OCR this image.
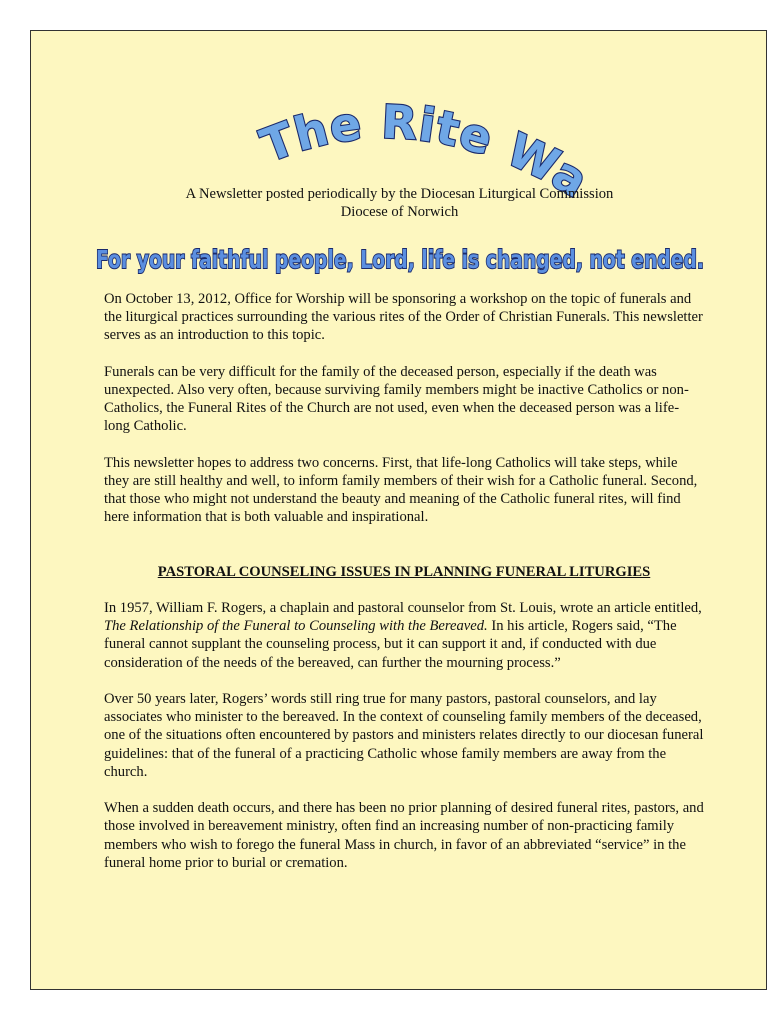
The Rite Way
A Newsletter posted periodically by the Diocesan Liturgical Commission
Diocese of Norwich
For your faithful people, Lord, life is changed, not ended.

On October 13, 2012, Office for Worship will be sponsoring a workshop on the topic of funerals and the liturgical practices surrounding the various rites of the Order of Christian Funerals. This newsletter serves as an introduction to this topic.

Funerals can be very difficult for the family of the deceased person, especially if the death was unexpected. Also very often, because surviving family members might be inactive Catholics or non-Catholics, the Funeral Rites of the Church are not used, even when the deceased person was a life-long Catholic.

This newsletter hopes to address two concerns. First, that life-long Catholics will take steps, while they are still healthy and well, to inform family members of their wish for a Catholic funeral. Second, that those who might not understand the beauty and meaning of the Catholic funeral rites, will find here information that is both valuable and inspirational.

PASTORAL COUNSELING ISSUES IN PLANNING FUNERAL LITURGIES

In 1957, William F. Rogers, a chaplain and pastoral counselor from St. Louis, wrote an article entitled, The Relationship of the Funeral to Counseling with the Bereaved. In his article, Rogers said, “The funeral cannot supplant the counseling process, but it can support it and, if conducted with due consideration of the needs of the bereaved, can further the mourning process.”

Over 50 years later, Rogers’ words still ring true for many pastors, pastoral counselors, and lay associates who minister to the bereaved. In the context of counseling family members of the deceased, one of the situations often encountered by pastors and ministers relates directly to our diocesan funeral guidelines: that of the funeral of a practicing Catholic whose family members are away from the church.

When a sudden death occurs, and there has been no prior planning of desired funeral rites, pastors, and those involved in bereavement ministry, often find an increasing number of non-practicing family members who wish to forego the funeral Mass in church, in favor of an abbreviated “service” in the funeral home prior to burial or cremation.
